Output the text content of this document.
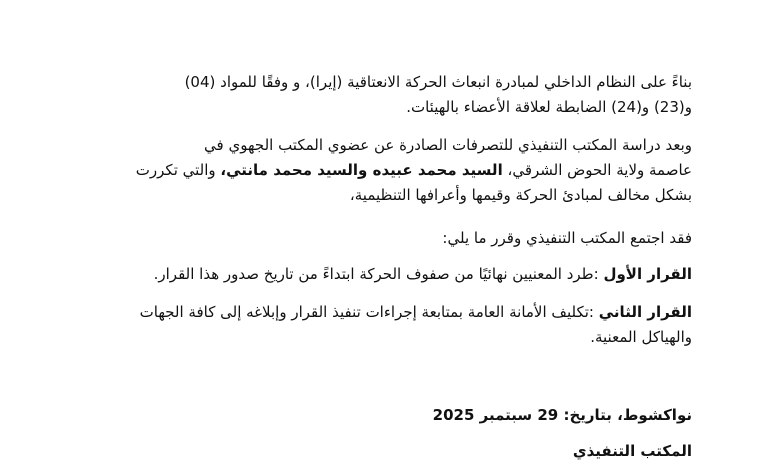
بناءً على النظام الداخلي لمبادرة انبعاث الحركة الانعتاقية (إيرا)، و وفقًا للمواد (04)
و(23) و(24) الضابطة لعلاقة الأعضاء بالهيئات.
وبعد دراسة المكتب التنفيذي للتصرفات الصادرة عن عضوي المكتب الجهوي في
عاصمة ولاية الحوض الشرقي، السيد محمد عبيده والسيد محمد مانتي، والتي تكررت
بشكل مخالف لمبادئ الحركة وقيمها وأعرافها التنظيمية،
فقد اجتمع المكتب التنفيذي وقرر ما يلي:
القرار الأول :طرد المعنيين نهائيًا من صفوف الحركة ابتداءً من تاريخ صدور هذا القرار.
القرار الثاني :تكليف الأمانة العامة بمتابعة إجراءات تنفيذ القرار وإبلاغه إلى كافة الجهات
والهياكل المعنية.
نواكشوط، بتاريخ: 29 سبتمبر 2025
المكتب التنفيذي
